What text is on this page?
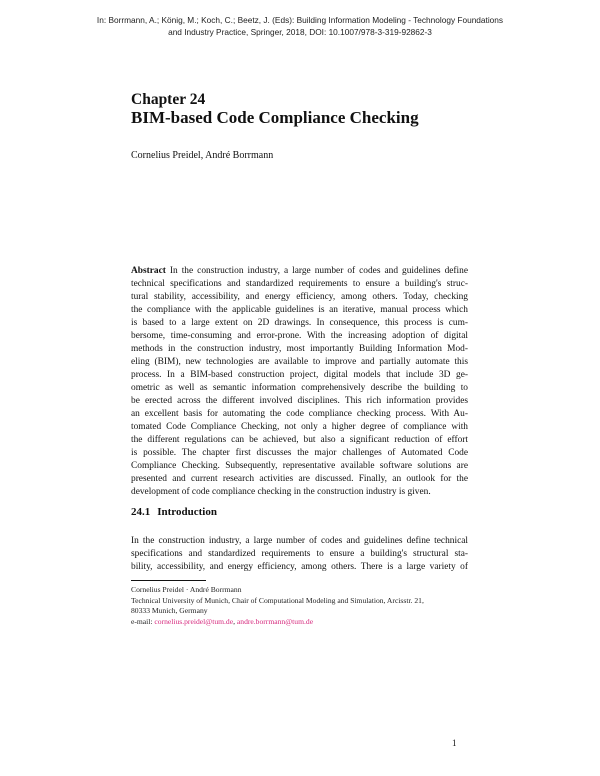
In: Borrmann, A.; König, M.; Koch, C.; Beetz, J. (Eds): Building Information Modeling - Technology Foundations
and Industry Practice, Springer, 2018, DOI: 10.1007/978-3-319-92862-3
Chapter 24
BIM-based Code Compliance Checking
Cornelius Preidel, André Borrmann
Abstract In the construction industry, a large number of codes and guidelines define
technical specifications and standardized requirements to ensure a building's struc-
tural stability, accessibility, and energy efficiency, among others. Today, checking
the compliance with the applicable guidelines is an iterative, manual process which
is based to a large extent on 2D drawings. In consequence, this process is cum-
bersome, time-consuming and error-prone. With the increasing adoption of digital
methods in the construction industry, most importantly Building Information Mod-
eling (BIM), new technologies are available to improve and partially automate this
process. In a BIM-based construction project, digital models that include 3D ge-
ometric as well as semantic information comprehensively describe the building to
be erected across the different involved disciplines. This rich information provides
an excellent basis for automating the code compliance checking process. With Au-
tomated Code Compliance Checking, not only a higher degree of compliance with
the different regulations can be achieved, but also a significant reduction of effort
is possible. The chapter first discusses the major challenges of Automated Code
Compliance Checking. Subsequently, representative available software solutions are
presented and current research activities are discussed. Finally, an outlook for the
development of code compliance checking in the construction industry is given.
24.1 Introduction
In the construction industry, a large number of codes and guidelines define technical
specifications and standardized requirements to ensure a building's structural sta-
bility, accessibility, and energy efficiency, among others. There is a large variety of
Cornelius Preidel · André Borrmann
Technical University of Munich, Chair of Computational Modeling and Simulation, Arcisstr. 21,
80333 Munich, Germany
e-mail: cornelius.preidel@tum.de, andre.borrmann@tum.de
1
